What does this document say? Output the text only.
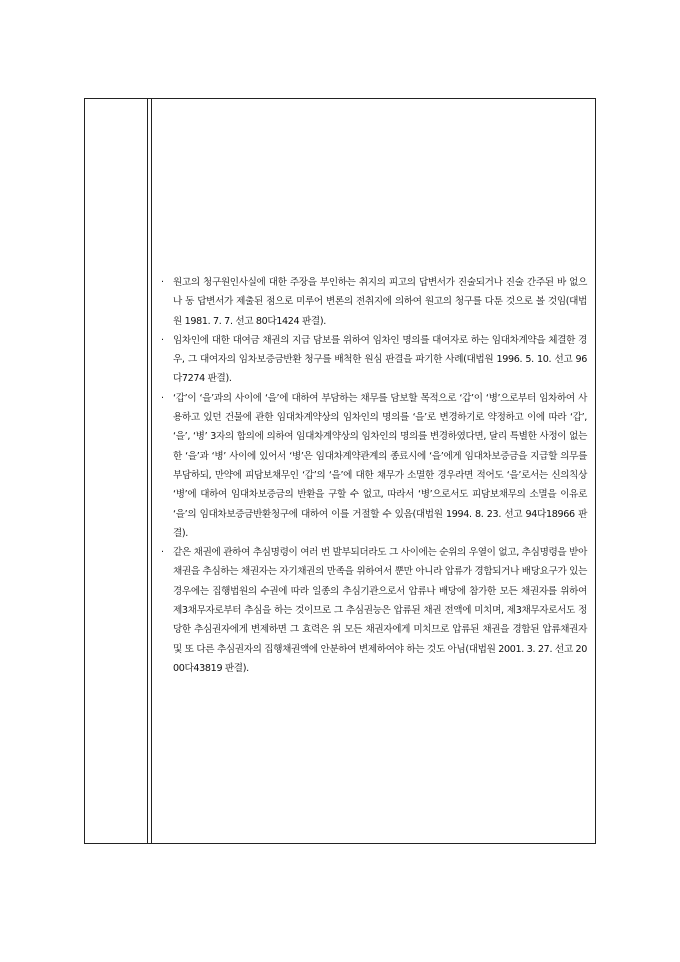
· 원고의 청구원인사실에 대한 주장을 부인하는 취지의 피고의 답변서가 진술되거나 진술 간주된 바 없으나 동 답변서가 제출된 점으로 미루어 변론의 전취지에 의하여 원고의 청구를 다툰 것으로 볼 것임(대법원 1981. 7. 7. 선고 80다1424 판결).
· 임차인에 대한 대여금 채권의 지급 담보를 위하여 임차인 명의를 대여자로 하는 임대차계약을 체결한 경우, 그 대여자의 임차보증금반환 청구를 배척한 원심 판결을 파기한 사례(대법원 1996. 5. 10. 선고 96다7274 판결).
· ‘갑’이 ‘을’과의 사이에 ‘을’에 대하여 부담하는 채무를 담보할 목적으로 ‘갑’이 ‘병’으로부터 임차하여 사용하고 있던 건물에 관한 임대차계약상의 임차인의 명의를 ‘을’로 변경하기로 약정하고 이에 따라 ‘갑’, ‘을’, ‘병’ 3자의 합의에 의하여 임대차계약상의 임차인의 명의를 변경하였다면, 달리 특별한 사정이 없는 한 ‘을’과 ‘병’ 사이에 있어서 ‘병’은 임대차계약관계의 종료시에 ‘을’에게 임대차보증금을 지급할 의무를 부담하되, 만약에 피담보채무인 ‘갑’의 ‘을’에 대한 채무가 소멸한 경우라면 적어도 ‘을’로서는 신의칙상 ‘병’에 대하여 임대차보증금의 반환을 구할 수 없고, 따라서 ‘병’으로서도 피담보채무의 소멸을 이유로 ‘을’의 임대차보증금반환청구에 대하여 이를 거절할 수 있음(대법원 1994. 8. 23. 선고 94다18966 판결).
· 같은 채권에 관하여 추심명령이 여러 번 발부되더라도 그 사이에는 순위의 우열이 없고, 추심명령을 받아 채권을 추심하는 채권자는 자기채권의 만족을 위하여서 뿐만 아니라 압류가 경합되거나 배당요구가 있는 경우에는 집행법원의 수권에 따라 일종의 추심기관으로서 압류나 배당에 참가한 모든 채권자를 위하여 제3채무자로부터 추심을 하는 것이므로 그 추심권능은 압류된 채권 전액에 미치며, 제3채무자로서도 정당한 추심권자에게 변제하면 그 효력은 위 모든 채권자에게 미치므로 압류된 채권을 경합된 압류채권자 및 또 다른 추심권자의 집행채권액에 안분하여 변제하여야 하는 것도 아님(대법원 2001. 3. 27. 선고 2000다43819 판결).
